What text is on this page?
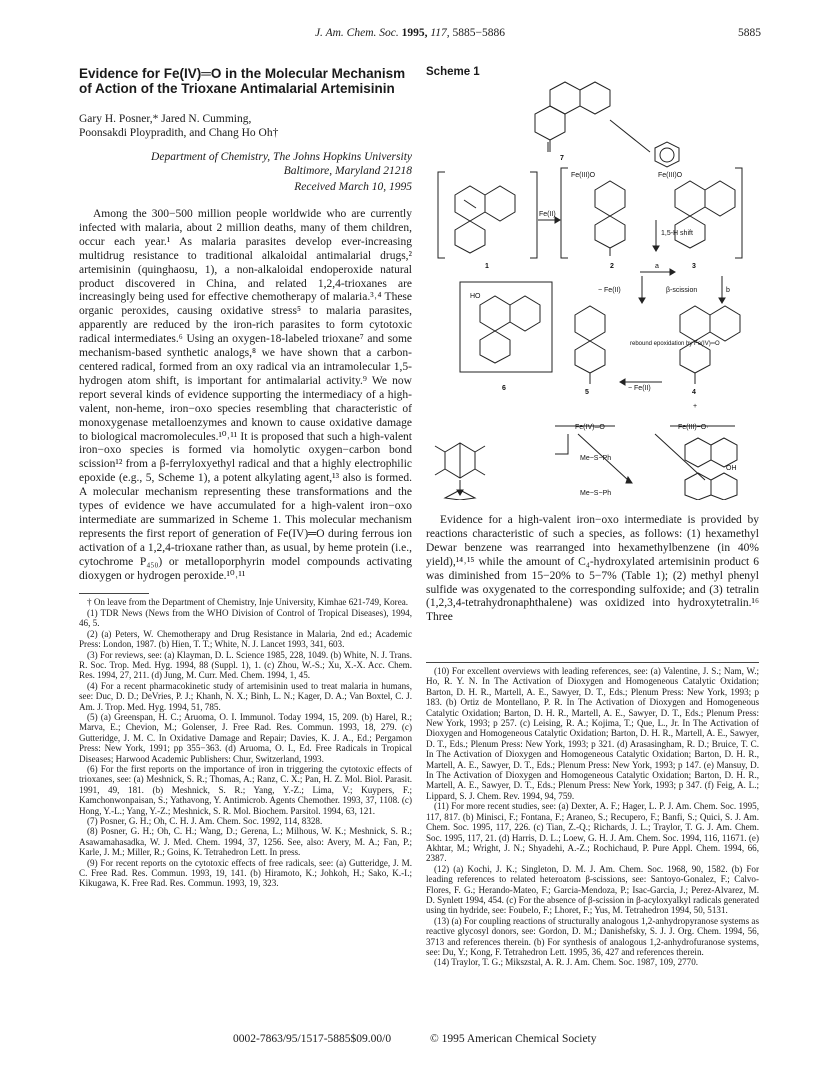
J. Am. Chem. Soc. 1995, 117, 5885−5886	5885
Evidence for Fe(IV)═O in the Molecular Mechanism of Action of the Trioxane Antimalarial Artemisinin
Gary H. Posner,* Jared N. Cumming,
Poonsakdi Ploypradith, and Chang Ho Oh†
Department of Chemistry, The Johns Hopkins University
Baltimore, Maryland 21218
Received March 10, 1995

Among the 300−500 million people worldwide who are currently infected with malaria, about 2 million deaths, many of them children, occur each year.¹ As malaria parasites develop ever-increasing multidrug resistance to traditional alkaloidal antimalarial drugs,² artemisinin (quinghaosu, 1), a non-alkaloidal endoperoxide natural product discovered in China, and related 1,2,4-trioxanes are increasingly being used for effective chemotherapy of malaria.³˒⁴ These organic peroxides, causing oxidative stress⁵ to malaria parasites, apparently are reduced by the iron-rich parasites to form cytotoxic radical intermediates.⁶ Using an oxygen-18-labeled trioxane⁷ and some mechanism-based synthetic analogs,⁸ we have shown that a carbon-centered radical, formed from an oxy radical via an intramolecular 1,5-hydrogen atom shift, is important for antimalarial activity.⁹ We now report several kinds of evidence supporting the intermediacy of a high-valent, non-heme, iron−oxo species resembling that characteristic of monoxygenase metalloenzymes and known to cause oxidative damage to biological macromolecules.¹⁰˒¹¹ It is proposed that such a high-valent iron−oxo species is formed via homolytic oxygen−carbon bond scission¹² from a β-ferryloxyethyl radical and that a highly electrophilic epoxide (e.g., 5, Scheme 1), a potent alkylating agent,¹³ also is formed. A molecular mechanism representing these transformations and the types of evidence we have accumulated for a high-valent iron−oxo intermediate are summarized in Scheme 1. This molecular mechanism represents the first report of generation of Fe(IV)═O during ferrous ion activation of a 1,2,4-trioxane rather than, as usual, by heme protein (i.e., cytochrome P₄₅₀) or metalloporphyrin model compounds activating dioxygen or hydrogen peroxide.¹⁰˒¹¹

† On leave from the Department of Chemistry, Inje University, Kimhae 621-749, Korea.
(1) TDR News (News from the WHO Division of Control of Tropical Diseases), 1994, 46, 5.
(2) (a) Peters, W. Chemotherapy and Drug Resistance in Malaria, 2nd ed.; Academic Press: London, 1987. (b) Hien, T. T.; White, N. J. Lancet 1993, 341, 603.
(3) For reviews, see: (a) Klayman, D. L. Science 1985, 228, 1049. (b) White, N. J. Trans. R. Soc. Trop. Med. Hyg. 1994, 88 (Suppl. 1), 1. (c) Zhou, W.-S.; Xu, X.-X. Acc. Chem. Res. 1994, 27, 211. (d) Jung, M. Curr. Med. Chem. 1994, 1, 45.
(4) For a recent pharmacokinetic study of artemisinin used to treat malaria in humans, see: Duc, D. D.; DeVries, P. J.; Khanh, N. X.; Binh, L. N.; Kager, D. A.; Van Boxtel, C. J. Am. J. Trop. Med. Hyg. 1994, 51, 785.
(5) (a) Greenspan, H. C.; Aruoma, O. I. Immunol. Today 1994, 15, 209. (b) Harel, R.; Marva, E.; Chevion, M.; Golenser, J. Free Rad. Res. Commun. 1993, 18, 279. (c) Gutteridge, J. M. C. In Oxidative Damage and Repair; Davies, K. J. A., Ed.; Pergamon Press: New York, 1991; pp 355−363. (d) Aruoma, O. I., Ed. Free Radicals in Tropical Diseases; Harwood Academic Publishers: Chur, Switzerland, 1993.
(6) For the first reports on the importance of iron in triggering the cytotoxic effects of trioxanes, see: (a) Meshnick, S. R.; Thomas, A.; Ranz, C. X.; Pan, H. Z. Mol. Biol. Parasit. 1991, 49, 181. (b) Meshnick, S. R.; Yang, Y.-Z.; Lima, V.; Kuypers, F.; Kamchonwonpaisan, S.; Yathavong, Y. Antimicrob. Agents Chemother. 1993, 37, 1108. (c) Hong, Y.-L.; Yang, Y.-Z.; Meshnick, S. R. Mol. Biochem. Parsitol. 1994, 63, 121.
(7) Posner, G. H.; Oh, C. H. J. Am. Chem. Soc. 1992, 114, 8328.
(8) Posner, G. H.; Oh, C. H.; Wang, D.; Gerena, L.; Milhous, W. K.; Meshnick, S. R.; Asawamahasadka, W. J. Med. Chem. 1994, 37, 1256. See, also: Avery, M. A.; Fan, P.; Karle, J. M.; Miller, R.; Goins, K. Tetrahedron Lett. In press.
(9) For recent reports on the cytotoxic effects of free radicals, see: (a) Gutteridge, J. M. C. Free Rad. Res. Commun. 1993, 19, 141. (b) Hiramoto, K.; Johkoh, H.; Sako, K.-I.; Kikugawa, K. Free Rad. Res. Commun. 1993, 19, 323.
Scheme 1
7
1	2	3
6
5	4
Fe(II)
Fe(III)O	Fe(III)O
1,5-H shift
a
b
− Fe(II)	β-scission
rebound epoxidation by Fe(IV)═O
− Fe(II)
+
Fe(IV)═O	Fe(III)−O·
Me−S−Ph
Me−S−Ph
OH
HO

Evidence for a high-valent iron−oxo intermediate is provided by reactions characteristic of such a species, as follows: (1) hexamethyl Dewar benzene was rearranged into hexamethylbenzene (in 40% yield),¹⁴˒¹⁵ while the amount of C₄-hydroxylated artemisinin product 6 was diminished from 15−20% to 5−7% (Table 1); (2) methyl phenyl sulfide was oxygenated to the corresponding sulfoxide; and (3) tetralin (1,2,3,4-tetrahydronaphthalene) was oxidized into hydroxytetralin.¹⁶ Three

(10) For excellent overviews with leading references, see: (a) Valentine, J. S.; Nam, W.; Ho, R. Y. N. In The Activation of Dioxygen and Homogeneous Catalytic Oxidation; Barton, D. H. R., Martell, A. E., Sawyer, D. T., Eds.; Plenum Press: New York, 1993; p 183. (b) Ortiz de Montellano, P. R. In The Activation of Dioxygen and Homogeneous Catalytic Oxidation; Barton, D. H. R., Martell, A. E., Sawyer, D. T., Eds.; Plenum Press: New York, 1993; p 257. (c) Leising, R. A.; Kojima, T.; Que, L., Jr. In The Activation of Dioxygen and Homogeneous Catalytic Oxidation; Barton, D. H. R., Martell, A. E., Sawyer, D. T., Eds.; Plenum Press: New York, 1993; p 321. (d) Arasasingham, R. D.; Bruice, T. C. In The Activation of Dioxygen and Homogeneous Catalytic Oxidation; Barton, D. H. R., Martell, A. E., Sawyer, D. T., Eds.; Plenum Press: New York, 1993; p 147. (e) Mansuy, D. In The Activation of Dioxygen and Homogeneous Catalytic Oxidation; Barton, D. H. R., Martell, A. E., Sawyer, D. T., Eds.; Plenum Press: New York, 1993; p 347. (f) Feig, A. L.; Lippard, S. J. Chem. Rev. 1994, 94, 759.
(11) For more recent studies, see: (a) Dexter, A. F.; Hager, L. P. J. Am. Chem. Soc. 1995, 117, 817. (b) Minisci, F.; Fontana, F.; Araneo, S.; Recupero, F.; Banfi, S.; Quici, S. J. Am. Chem. Soc. 1995, 117, 226. (c) Tian, Z.-Q.; Richards, J. L.; Traylor, T. G. J. Am. Chem. Soc. 1995, 117, 21. (d) Harris, D. L.; Loew, G. H. J. Am. Chem. Soc. 1994, 116, 11671. (e) Akhtar, M.; Wright, J. N.; Shyadehi, A.-Z.; Rochichaud, P. Pure Appl. Chem. 1994, 66, 2387.
(12) (a) Kochi, J. K.; Singleton, D. M. J. Am. Chem. Soc. 1968, 90, 1582. (b) For leading references to related heteroatom β-scissions, see: Santoyo-Gonalez, F.; Calvo-Flores, F. G.; Herando-Mateo, F.; Garcia-Mendoza, P.; Isac-Garcia, J.; Perez-Alvarez, M. D. Synlett 1994, 454. (c) For the absence of β-scission in β-acyloxyalkyl radicals generated using tin hydride, see: Foubelo, F.; Lhoret, F.; Yus, M. Tetrahedron 1994, 50, 5131.
(13) (a) For coupling reactions of structurally analogous 1,2-anhydropyranose systems as reactive glycosyl donors, see: Gordon, D. M.; Danishefsky, S. J. J. Org. Chem. 1994, 56, 3713 and references therein. (b) For synthesis of analogous 1,2-anhydrofuranose systems, see: Du, Y.; Kong, F. Tetrahedron Lett. 1995, 36, 427 and references therein.
(14) Traylor, T. G.; Mikszstal, A. R. J. Am. Chem. Soc. 1987, 109, 2770.
0002-7863/95/1517-5885$09.00/0	© 1995 American Chemical Society
